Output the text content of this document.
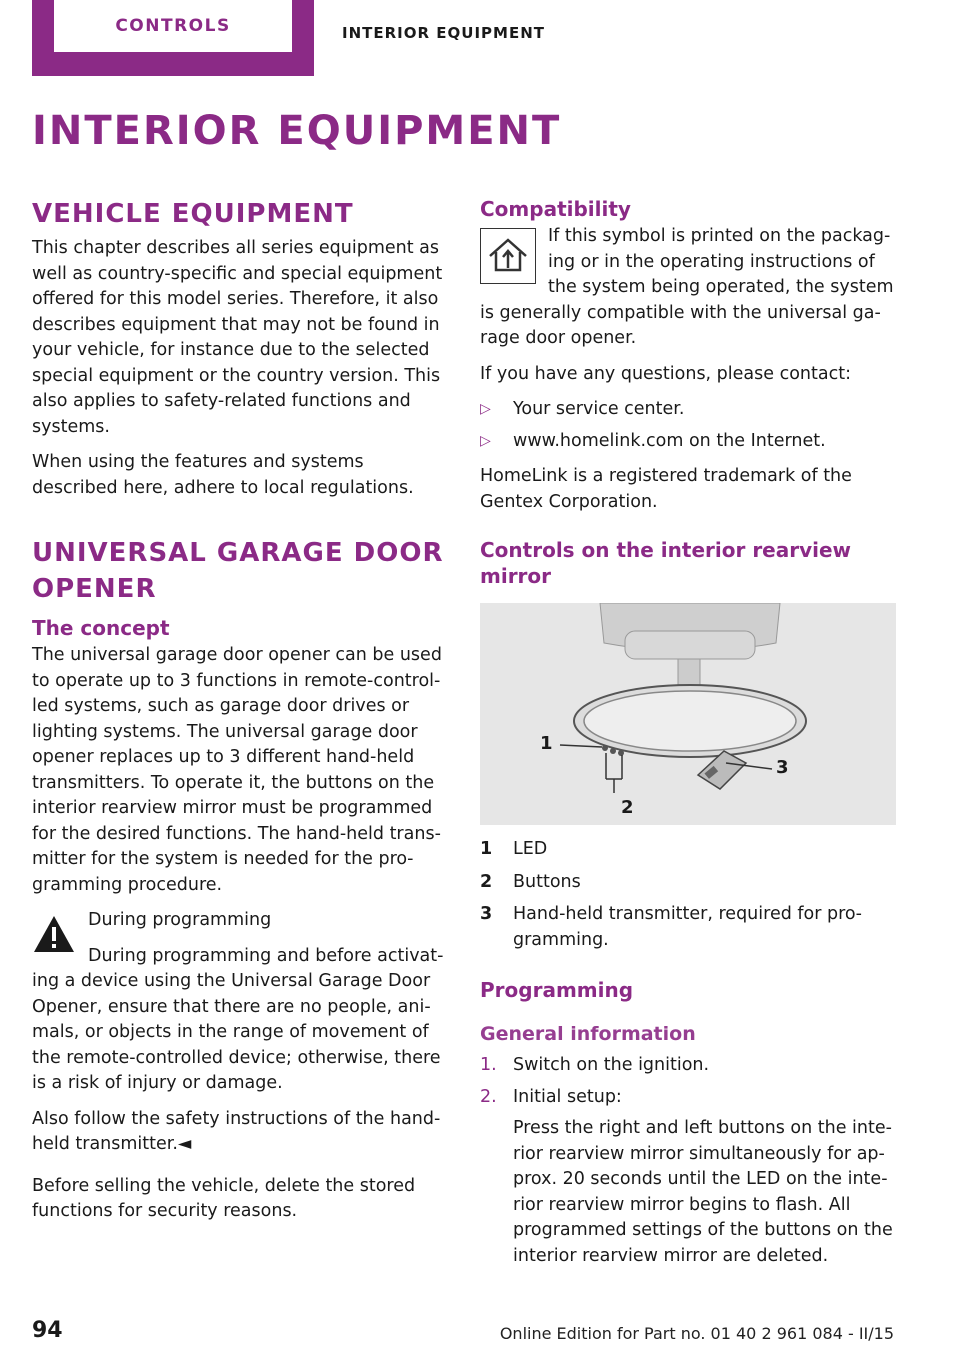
CONTROLS	INTERIOR EQUIPMENT
INTERIOR EQUIPMENT
VEHICLE EQUIPMENT

This chapter describes all series equipment as well as country-specific and special equipment offered for this model series. Therefore, it also describes equipment that may not be found in your vehicle, for instance due to the selected special equipment or the country version. This also applies to safety-related functions and systems.

When using the features and systems described here, adhere to local regulations.

UNIVERSAL GARAGE DOOR OPENER
The concept

The universal garage door opener can be used to operate up to 3 functions in remote-controlled systems, such as garage door drives or lighting systems. The universal garage door opener replaces up to 3 different hand-held transmitters. To operate it, the buttons on the interior rearview mirror must be programmed for the desired functions. The hand-held transmitter for the system is needed for the programming procedure.

During programming

During programming and before activating a device using the Universal Garage Door Opener, ensure that there are no people, animals, or objects in the range of movement of the remote-controlled device; otherwise, there is a risk of injury or damage.

Also follow the safety instructions of the hand-held transmitter.◄

Before selling the vehicle, delete the stored functions for security reasons.

Compatibility

If this symbol is printed on the packaging or in the operating instructions of the system being operated, the system is generally compatible with the universal garage door opener.

If you have any questions, please contact:

▷ Your service center.
▷ www.homelink.com on the Internet.

HomeLink is a registered trademark of the Gentex Corporation.

Controls on the interior rearview mirror
1
2
3
1	LED
2	Buttons
3	Hand-held transmitter, required for programming.
Programming
General information
1. Switch on the ignition.
2. Initial setup:
Press the right and left buttons on the interior rearview mirror simultaneously for approx. 20 seconds until the LED on the interior rearview mirror begins to flash. All programmed settings of the buttons on the interior rearview mirror are deleted.
94	Online Edition for Part no. 01 40 2 961 084 - II/15
